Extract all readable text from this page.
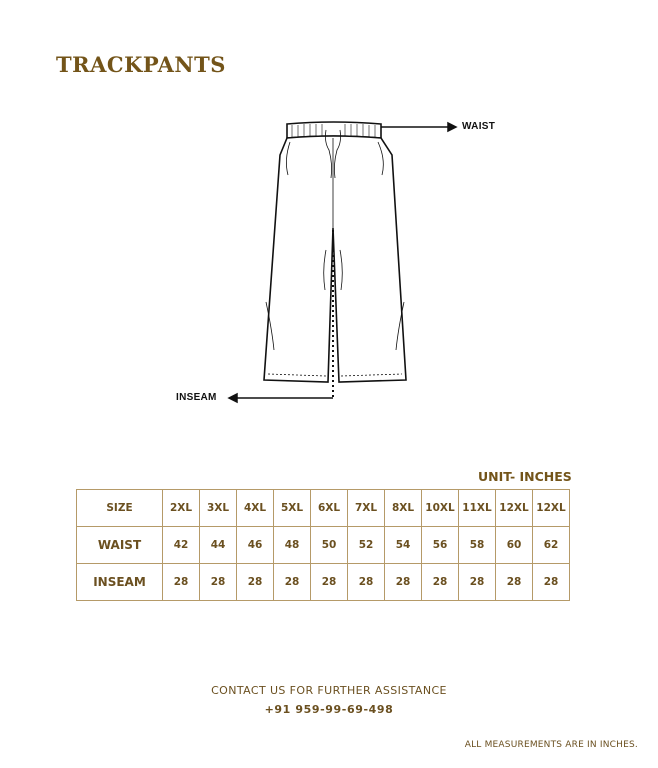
TRACKPANTS
WAIST
INSEAM
UNIT- INCHES
SIZE	2XL	3XL	4XL	5XL	6XL	7XL	8XL	10XL	11XL	12XL	12XL
WAIST	42	44	46	48	50	52	54	56	58	60	62
INSEAM	28	28	28	28	28	28	28	28	28	28	28
CONTACT US FOR FURTHER ASSISTANCE
+91 959-99-69-498
ALL MEASUREMENTS ARE IN INCHES.
